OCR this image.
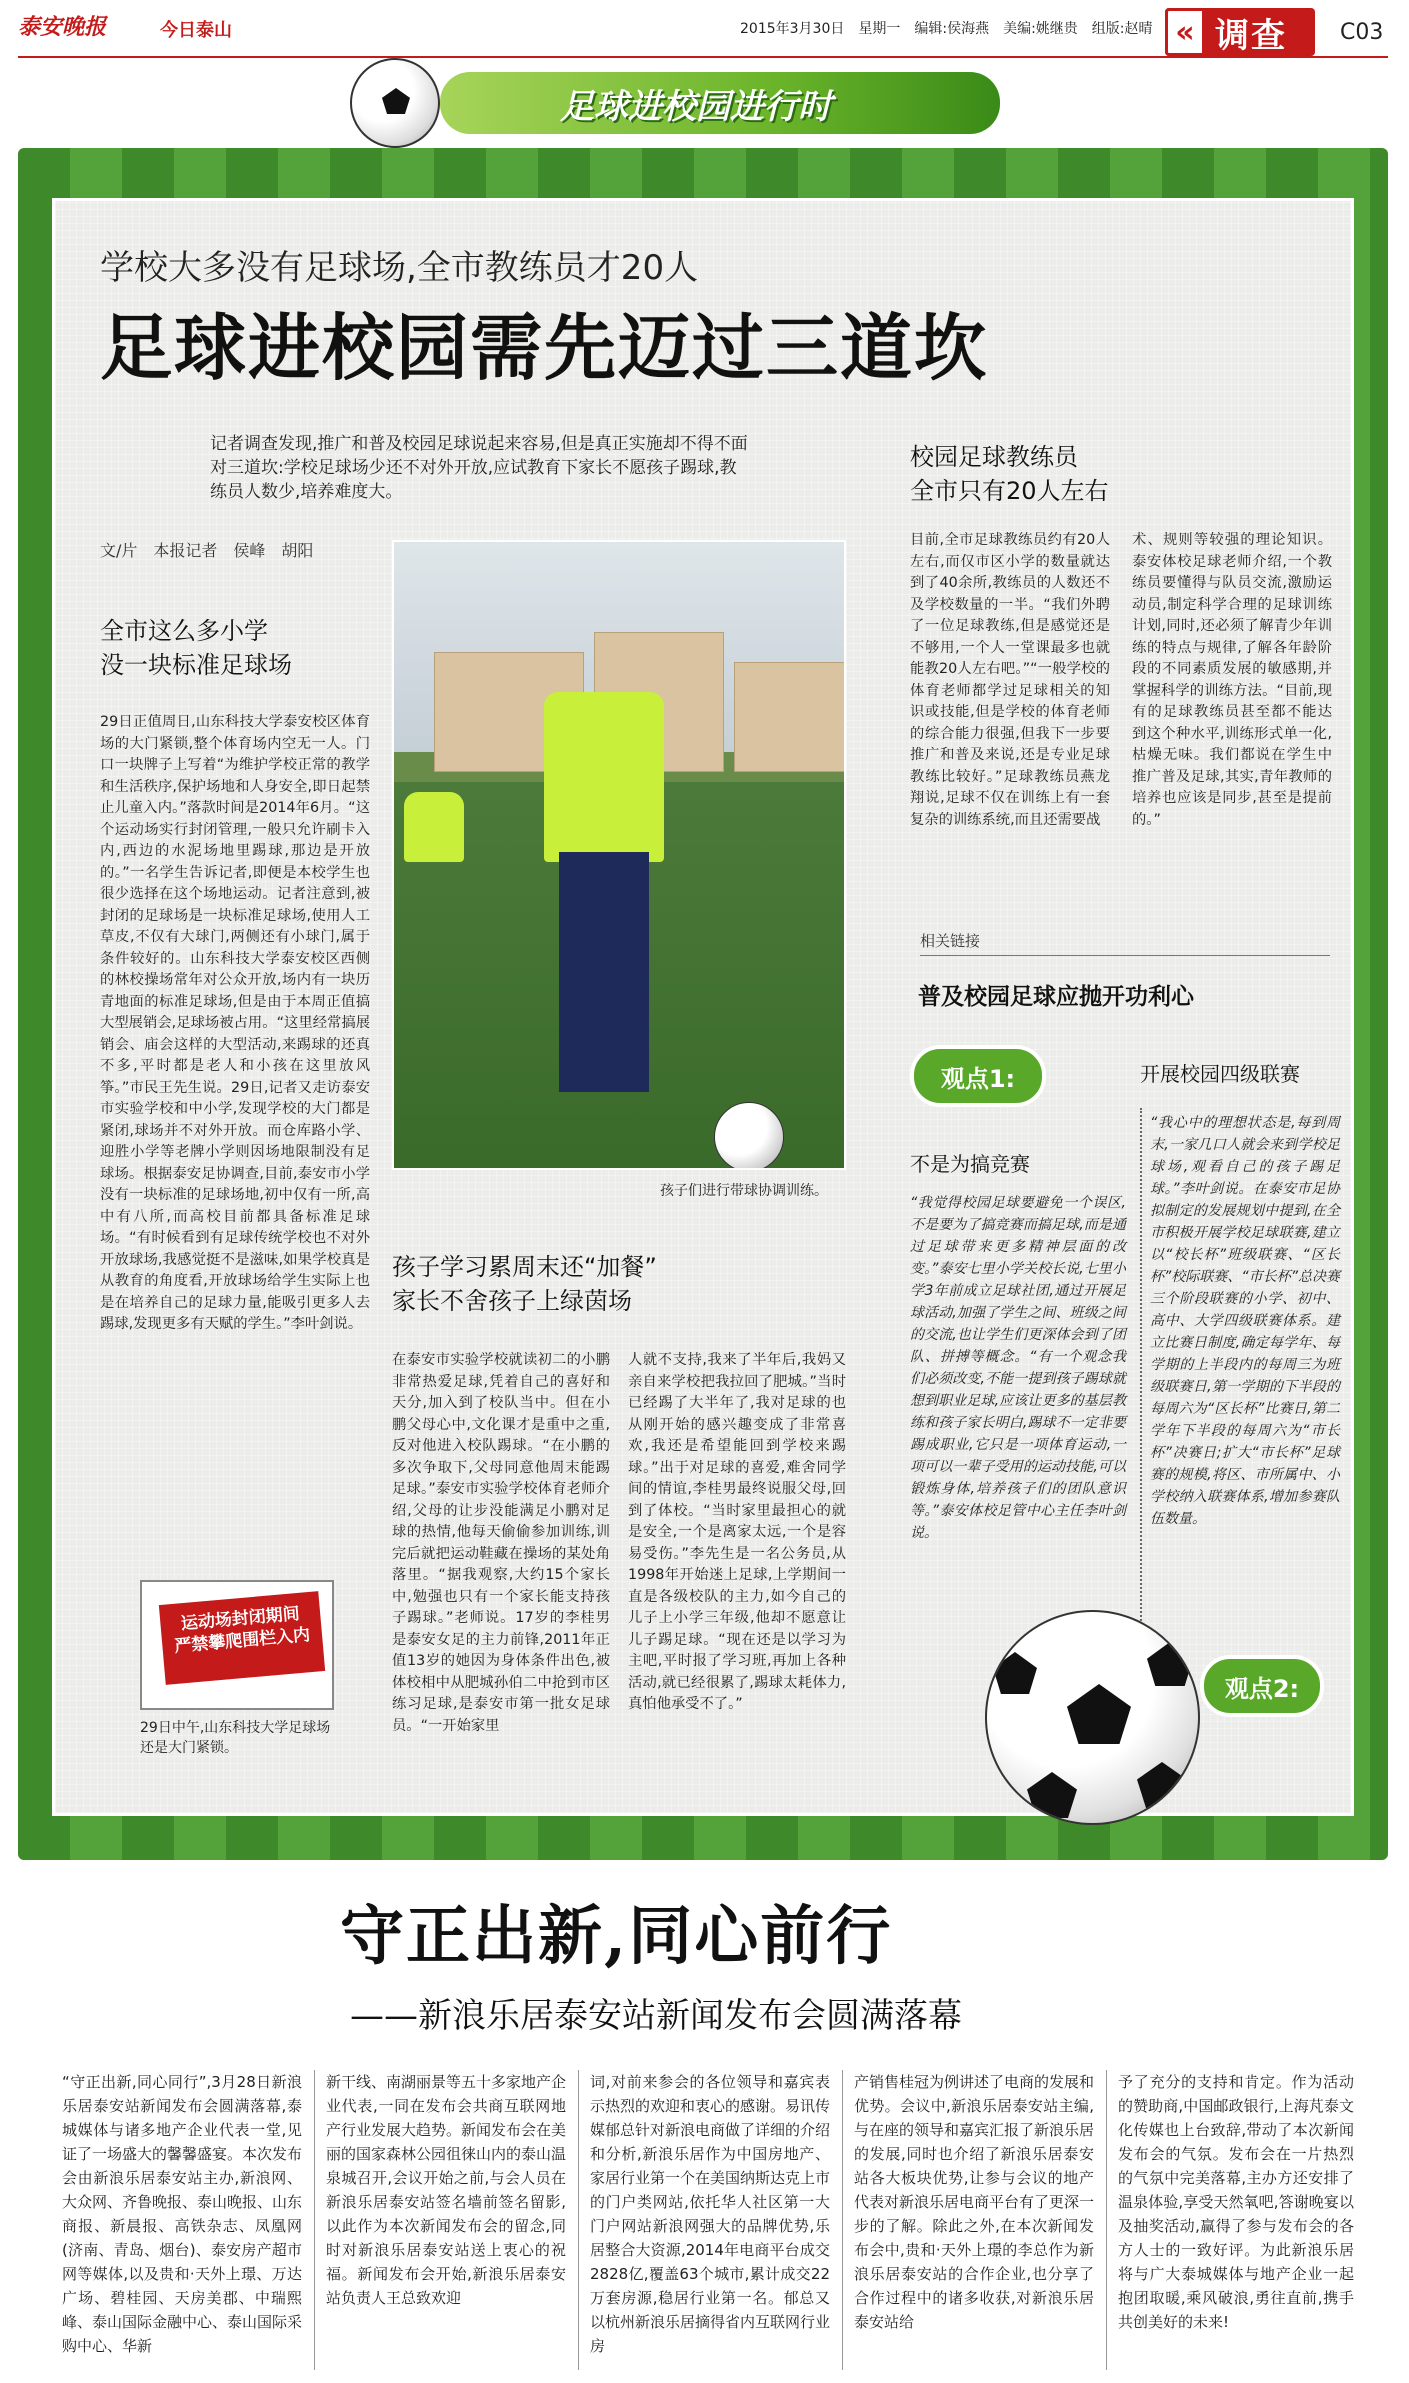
泰安晚报	今日泰山	2015年3月30日　星期一　编辑:侯海燕　美编:姚继贵　组版:赵晴 « 调查 C03
足球进校园进行时
学校大多没有足球场,全市教练员才20人
足球进校园需先迈过三道坎
记者调查发现,推广和普及校园足球说起来容易,但是真正实施却不得不面对三道坎:学校足球场少还不对外开放,应试教育下家长不愿孩子踢球,教练员人数少,培养难度大。
文/片　本报记者　侯峰　胡阳
全市这么多小学
没一块标准足球场
29日正值周日,山东科技大学泰安校区体育场的大门紧锁,整个体育场内空无一人。门口一块牌子上写着“为维护学校正常的教学和生活秩序,保护场地和人身安全,即日起禁止儿童入内。”落款时间是2014年6月。“这个运动场实行封闭管理,一般只允许刷卡入内,西边的水泥场地里踢球,那边是开放的。”一名学生告诉记者,即便是本校学生也很少选择在这个场地运动。记者注意到,被封闭的足球场是一块标准足球场,使用人工草皮,不仅有大球门,两侧还有小球门,属于条件较好的。山东科技大学泰安校区西侧的林校操场常年对公众开放,场内有一块历青地面的标准足球场,但是由于本周正值搞大型展销会,足球场被占用。“这里经常搞展销会、庙会这样的大型活动,来踢球的还真不多,平时都是老人和小孩在这里放风筝。”市民王先生说。29日,记者又走访泰安市实验学校和中小学,发现学校的大门都是紧闭,球场并不对外开放。而仓库路小学、迎胜小学等老牌小学则因场地限制没有足球场。根据泰安足协调查,目前,泰安市小学没有一块标准的足球场地,初中仅有一所,高中有八所,而高校目前都具备标准足球场。“有时候看到有足球传统学校也不对外开放球场,我感觉挺不是滋味,如果学校真是从教育的角度看,开放球场给学生实际上也是在培养自己的足球力量,能吸引更多人去踢球,发现更多有天赋的学生。”李叶剑说。
运动场封闭期间
严禁攀爬围栏入内
29日中午,山东科技大学足球场还是大门紧锁。
孩子们进行带球协调训练。
孩子学习累周末还“加餐”
家长不舍孩子上绿茵场
在泰安市实验学校就读初二的小鹏非常热爱足球,凭着自己的喜好和天分,加入到了校队当中。但在小鹏父母心中,文化课才是重中之重,反对他进入校队踢球。“在小鹏的多次争取下,父母同意他周末能踢足球。”泰安市实验学校体育老师介绍,父母的让步没能满足小鹏对足球的热情,他每天偷偷参加训练,训完后就把运动鞋藏在操场的某处角落里。“据我观察,大约15个家长中,勉强也只有一个家长能支持孩子踢球。”老师说。17岁的李桂男是泰安女足的主力前锋,2011年正值13岁的她因为身体条件出色,被体校相中从肥城孙伯二中抢到市区练习足球,是泰安市第一批女足球员。“一开始家里
人就不支持,我来了半年后,我妈又亲自来学校把我拉回了肥城。”当时已经踢了大半年了,我对足球的也从刚开始的感兴趣变成了非常喜欢,我还是希望能回到学校来踢球。”出于对足球的喜爱,难舍同学间的情谊,李桂男最终说服父母,回到了体校。“当时家里最担心的就是安全,一个是离家太远,一个是容易受伤。”李先生是一名公务员,从1998年开始迷上足球,上学期间一直是各级校队的主力,如今自己的儿子上小学三年级,他却不愿意让儿子踢足球。“现在还是以学习为主吧,平时报了学习班,再加上各种活动,就已经很累了,踢球太耗体力,真怕他承受不了。”
校园足球教练员
全市只有20人左右
目前,全市足球教练员约有20人左右,而仅市区小学的数量就达到了40余所,教练员的人数还不及学校数量的一半。“我们外聘了一位足球教练,但是感觉还是不够用,一个人一堂课最多也就能教20人左右吧。”“一般学校的体育老师都学过足球相关的知识或技能,但是学校的体育老师的综合能力很强,但我下一步要推广和普及来说,还是专业足球教练比较好。”足球教练员燕龙翔说,足球不仅在训练上有一套复杂的训练系统,而且还需要战
术、规则等较强的理论知识。泰安体校足球老师介绍,一个教练员要懂得与队员交流,激励运动员,制定科学合理的足球训练计划,同时,还必须了解青少年训练的特点与规律,了解各年龄阶段的不同素质发展的敏感期,并掌握科学的训练方法。“目前,现有的足球教练员甚至都不能达到这个种水平,训练形式单一化,枯燥无味。我们都说在学生中推广普及足球,其实,青年教师的培养也应该是同步,甚至是提前的。”
相关链接
普及校园足球应抛开功利心
观点1:
不是为搞竞赛
“我觉得校园足球要避免一个误区,不是要为了搞竞赛而搞足球,而是通过足球带来更多精神层面的改变。”泰安七里小学关校长说,七里小学3年前成立足球社团,通过开展足球活动,加强了学生之间、班级之间的交流,也让学生们更深体会到了团队、拼搏等概念。“有一个观念我们必须改变,不能一提到孩子踢球就想到职业足球,应该让更多的基层教练和孩子家长明白,踢球不一定非要踢成职业,它只是一项体育运动,一项可以一辈子受用的运动技能,可以锻炼身体,培养孩子们的团队意识等。”泰安体校足管中心主任李叶剑说。
开展校园四级联赛
“我心中的理想状态是,每到周末,一家几口人就会来到学校足球场,观看自己的孩子踢足球。”李叶剑说。在泰安市足协拟制定的发展规划中提到,在全市积极开展学校足球联赛,建立以“校长杯”班级联赛、“区长杯”校际联赛、“市长杯”总决赛三个阶段联赛的小学、初中、高中、大学四级联赛体系。建立比赛日制度,确定每学年、每学期的上半段内的每周三为班级联赛日,第一学期的下半段的每周六为“区长杯”比赛日,第二学年下半段的每周六为“市长杯”决赛日;扩大“市长杯”足球赛的规模,将区、市所属中、小学校纳入联赛体系,增加参赛队伍数量。
观点2:
守正出新,同心前行
——新浪乐居泰安站新闻发布会圆满落幕
“守正出新,同心同行”,3月28日新浪乐居泰安站新闻发布会圆满落幕,泰城媒体与诸多地产企业代表一堂,见证了一场盛大的馨馨盛宴。本次发布会由新浪乐居泰安站主办,新浪网、大众网、齐鲁晚报、泰山晚报、山东商报、新晨报、高铁杂志、凤凰网(济南、青岛、烟台)、泰安房产超市网等媒体,以及贵和·天外上璟、万达广场、碧桂园、天房美郡、中瑞熙峰、泰山国际金融中心、泰山国际采购中心、华新
新干线、南湖丽景等五十多家地产企业代表,一同在发布会共商互联网地产行业发展大趋势。新闻发布会在美丽的国家森林公园徂徕山内的泰山温泉城召开,会议开始之前,与会人员在新浪乐居泰安站签名墙前签名留影,以此作为本次新闻发布会的留念,同时对新浪乐居泰安站送上衷心的祝福。新闻发布会开始,新浪乐居泰安站负责人王总致欢迎
词,对前来参会的各位领导和嘉宾表示热烈的欢迎和衷心的感谢。易讯传媒郁总针对新浪电商做了详细的介绍和分析,新浪乐居作为中国房地产、家居行业第一个在美国纳斯达克上市的门户类网站,依托华人社区第一大门户网站新浪网强大的品牌优势,乐居整合大资源,2014年电商平台成交2828亿,覆盖63个城市,累计成交22万套房源,稳居行业第一名。郁总又以杭州新浪乐居摘得省内互联网行业房
产销售桂冠为例讲述了电商的发展和优势。会议中,新浪乐居泰安站主编,与在座的领导和嘉宾汇报了新浪乐居的发展,同时也介绍了新浪乐居泰安站各大板块优势,让参与会议的地产代表对新浪乐居电商平台有了更深一步的了解。除此之外,在本次新闻发布会中,贵和·天外上璟的李总作为新浪乐居泰安站的合作企业,也分享了合作过程中的诸多收获,对新浪乐居泰安站给
予了充分的支持和肯定。作为活动的赞助商,中国邮政银行,上海芃泰文化传媒也上台致辞,带动了本次新闻发布会的气氛。发布会在一片热烈的气氛中完美落幕,主办方还安排了温泉体验,享受天然氧吧,答谢晚宴以及抽奖活动,赢得了参与发布会的各方人士的一致好评。为此新浪乐居将与广大泰城媒体与地产企业一起抱团取暖,乘风破浪,勇往直前,携手共创美好的未来!
